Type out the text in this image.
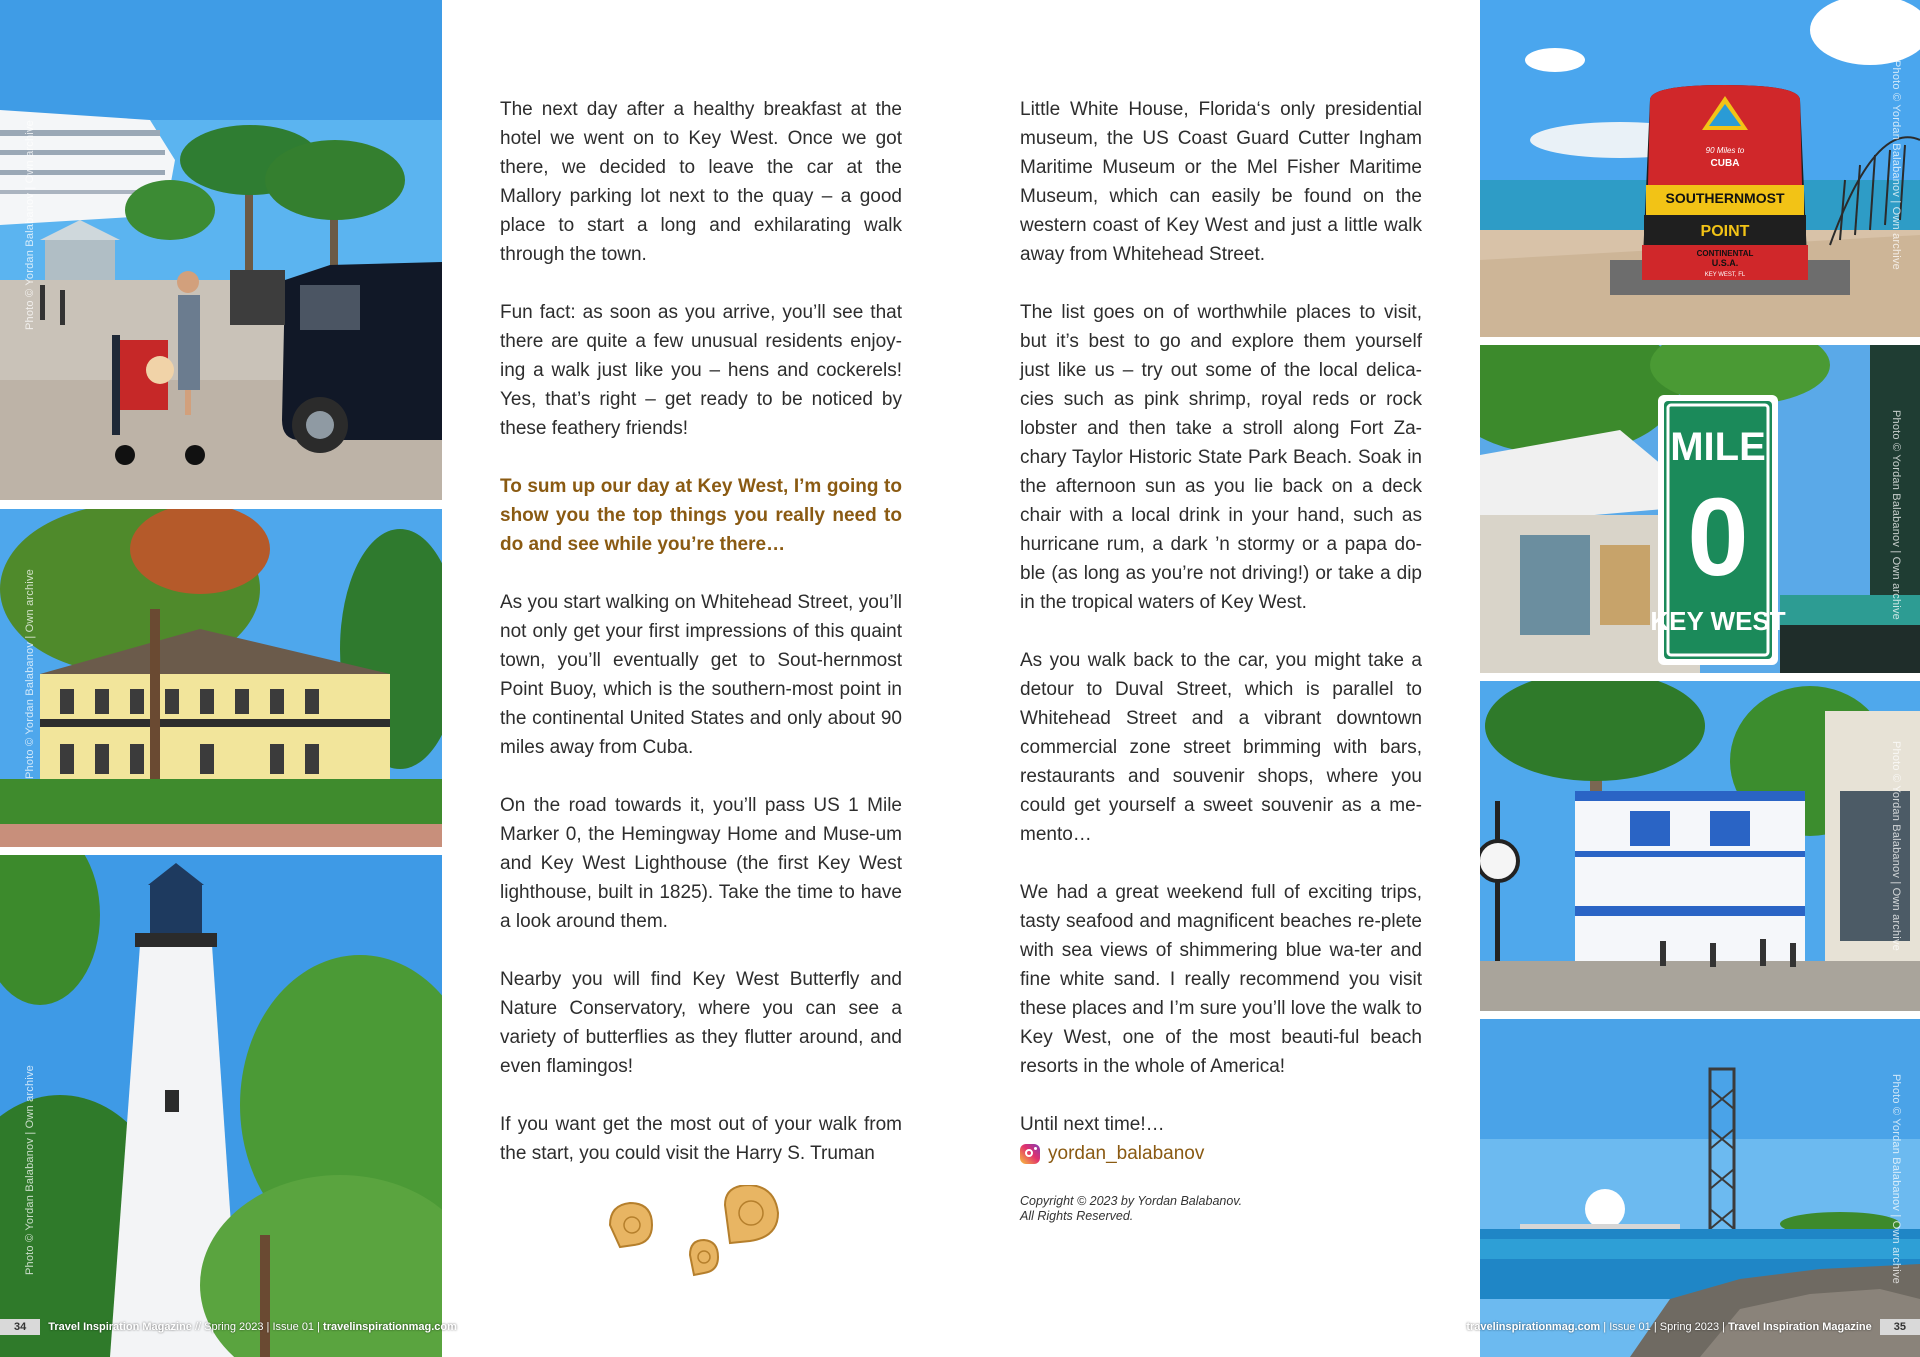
Photo © Yordan Balabanov | Own archive
Photo © Yordan Balabanov | Own archive
Photo © Yordan Balabanov | Own archive
34	Travel Inspiration Magazine // Spring 2023 | Issue 01 | travelinspirationmag.com

The next day after a healthy breakfast at the hotel we went on to Key West. Once we got there, we decided to leave the car at the Mallory parking lot next to the quay – a good place to start a long and exhilarating walk through the town.

Fun fact: as soon as you arrive, you’ll see that there are quite a few unusual residents enjoy-ing a walk just like you – hens and cockerels! Yes, that’s right – get ready to be noticed by these feathery friends!

To sum up our day at Key West, I’m going to show you the top things you really need to do and see while you’re there…

As you start walking on Whitehead Street, you’ll not only get your first impressions of this quaint town, you’ll eventually get to Sout-hernmost Point Buoy, which is the southern-most point in the continental United States and only about 90 miles away from Cuba.

On the road towards it, you’ll pass US 1 Mile Marker 0, the Hemingway Home and Muse-um and Key West Lighthouse (the first Key West lighthouse, built in 1825). Take the time to have a look around them.

Nearby you will find Key West Butterfly and Nature Conservatory, where you can see a variety of butterflies as they flutter around, and even flamingos!

If you want get the most out of your walk from the start, you could visit the Harry S. Truman

Little White House, Florida‘s only presidential museum, the US Coast Guard Cutter Ingham Maritime Museum or the Mel Fisher Maritime Museum, which can easily be found on the western coast of Key West and just a little walk away from Whitehead Street.

The list goes on of worthwhile places to visit, but it’s best to go and explore them yourself just like us – try out some of the local delica-cies such as pink shrimp, royal reds or rock lobster and then take a stroll along Fort Za-chary Taylor Historic State Park Beach. Soak in the afternoon sun as you lie back on a deck chair with a local drink in your hand, such as hurricane rum, a dark ’n stormy or a papa do-ble (as long as you’re not driving!) or take a dip in the tropical waters of Key West.

As you walk back to the car, you might take a detour to Duval Street, which is parallel to Whitehead Street and a vibrant downtown commercial zone street brimming with bars, restaurants and souvenir shops, where you could get yourself a sweet souvenir as a me-mento…

We had a great weekend full of exciting trips, tasty seafood and magnificent beaches re-plete with sea views of shimmering blue wa-ter and fine white sand. I really recommend you visit these places and I’m sure you’ll love the walk to Key West, one of the most beauti-ful beach resorts in the whole of America!

Until next time!…

yordan_balabanov
Copyright © 2023 by Yordan Balabanov.
All Rights Reserved.
90 Miles to
CUBA
SOUTHERNMOST
POINT
CONTINENTAL
U.S.A.
KEY WEST, FL
Photo © Yordan Balabanov | Own archive
MILE
0
KEY WEST
Photo © Yordan Balabanov | Own archive
Photo © Yordan Balabanov | Own archive
Photo © Yordan Balabanov | Own archive
travelinspirationmag.com | Issue 01 | Spring 2023 | Travel Inspiration Magazine	35
